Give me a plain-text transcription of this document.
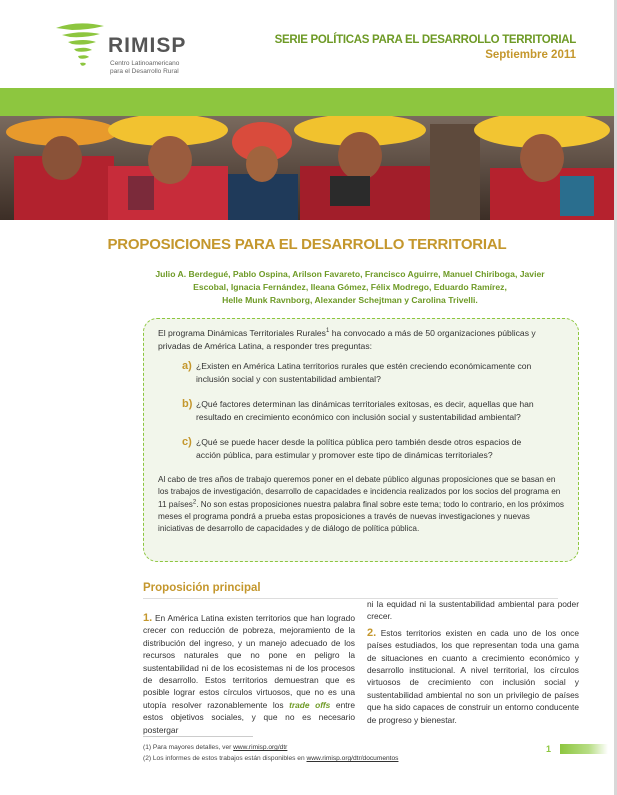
RIMISP
Centro Latinoamericano
para el Desarrollo Rural
SERIE POLÍTICAS PARA EL DESARROLLO TERRITORIAL
Septiembre 2011
PROPOSICIONES PARA EL DESARROLLO TERRITORIAL
Julio A. Berdegué, Pablo Ospina, Arilson Favareto, Francisco Aguirre, Manuel Chiriboga, Javier
Escobal, Ignacia Fernández, Ileana Gómez, Félix Modrego, Eduardo Ramírez,
Helle Munk Ravnborg, Alexander Schejtman y Carolina Trivelli.

El programa Dinámicas Territoriales Rurales$^1$ ha convocado a más de 50 organizaciones públicas y privadas de América Latina, a responder tres preguntas:

a) ¿Existen en América Latina territorios rurales que estén creciendo económicamente con inclusión social y con sustentabilidad ambiental?
b) ¿Qué factores determinan las dinámicas territoriales exitosas, es decir, aquellas que han resultado en crecimiento económico con inclusión social y sustentabilidad ambiental?
c) ¿Qué se puede hacer desde la política pública pero también desde otros espacios de acción pública, para estimular y promover este tipo de dinámicas territoriales?

Al cabo de tres años de trabajo queremos poner en el debate público algunas proposiciones que se basan en los trabajos de investigación, desarrollo de capacidades e incidencia realizados por los socios del programa en 11 países$^2$. No son estas proposiciones nuestra palabra final sobre este tema; todo lo contrario, en los próximos meses el programa pondrá a prueba estas proposiciones a través de nuevas investigaciones y nuevas iniciativas de desarrollo de capacidades y de diálogo de política pública.

Proposición principal
1. En América Latina existen territorios que han logrado crecer con reducción de pobreza, mejoramiento de la distribución del ingreso, y un manejo adecuado de los recursos naturales que no pone en peligro la sustentabilidad ni de los ecosistemas ni de los procesos de desarrollo. Estos territorios demuestran que es posible lograr estos círculos virtuosos, que no es una utopía resolver razonablemente los trade offs entre estos objetivos sociales, y que no es necesario postergar
ni la equidad ni la sustentabilidad ambiental para poder crecer.
2. Estos territorios existen en cada uno de los once países estudiados, los que representan toda una gama de situaciones en cuanto a crecimiento económico y desarrollo institucional. A nivel territorial, los círculos virtuosos de crecimiento con inclusión social y sustentabilidad ambiental no son un privilegio de países que ha sido capaces de construir un entorno conducente de progreso y bienestar.
(1) Para mayores detalles, ver www.rimisp.org/dtr
(2) Los informes de estos trabajos están disponibles en www.rimisp.org/dtr/documentos
1
